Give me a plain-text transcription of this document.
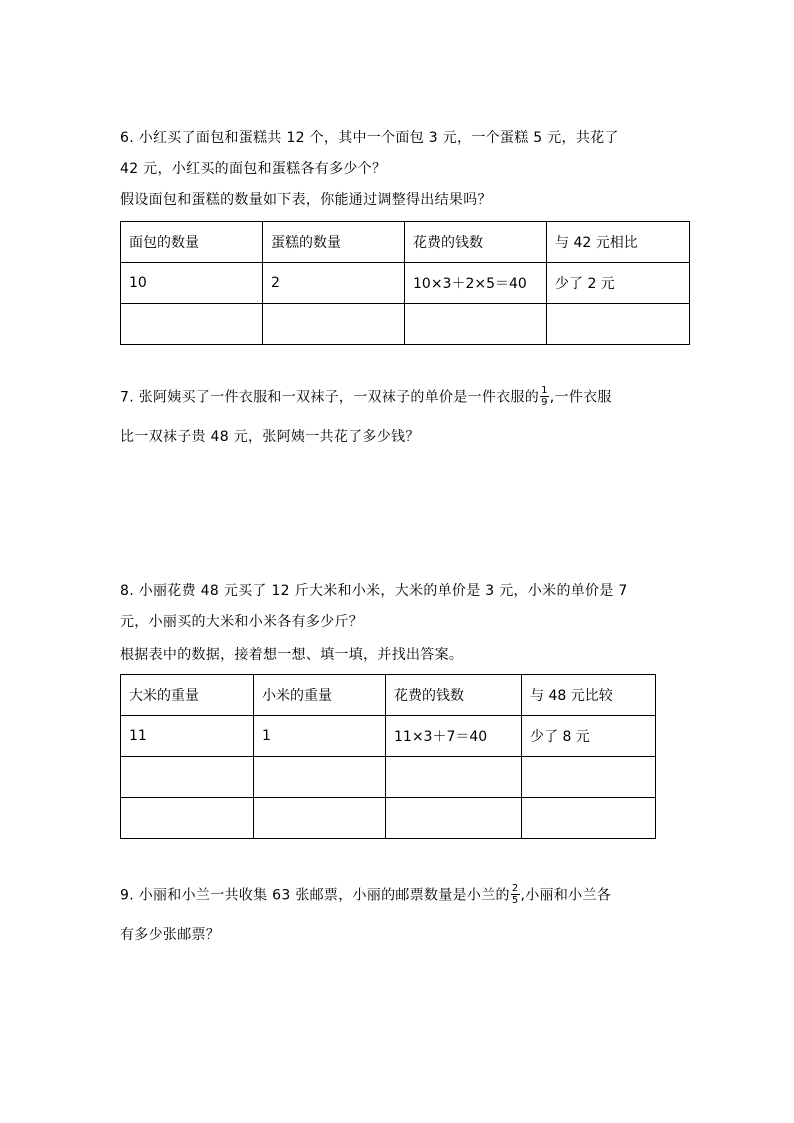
6. 小红买了面包和蛋糕共 12 个，其中一个面包 3 元，一个蛋糕 5 元，共花了
42 元，小红买的面包和蛋糕各有多少个？
假设面包和蛋糕的数量如下表，你能通过调整得出结果吗？
面包的数量	蛋糕的数量	花费的钱数	与 42 元相比
10	2	10×3＋2×5＝40	少了 2 元

7. 张阿姨买了一件衣服和一双袜子，一双袜子的单价是一件衣服的 $\frac{1}{9}$ ,一件衣服
比一双袜子贵 48 元，张阿姨一共花了多少钱？
8. 小丽花费 48 元买了 12 斤大米和小米，大米的单价是 3 元，小米的单价是 7
元，小丽买的大米和小米各有多少斤？
根据表中的数据，接着想一想、填一填，并找出答案。
大米的重量	小米的重量	花费的钱数	与 48 元比较
11	1	11×3＋7＝40	少了 8 元

9. 小丽和小兰一共收集 63 张邮票，小丽的邮票数量是小兰的 $\frac{2}{5}$ ,小丽和小兰各
有多少张邮票？
